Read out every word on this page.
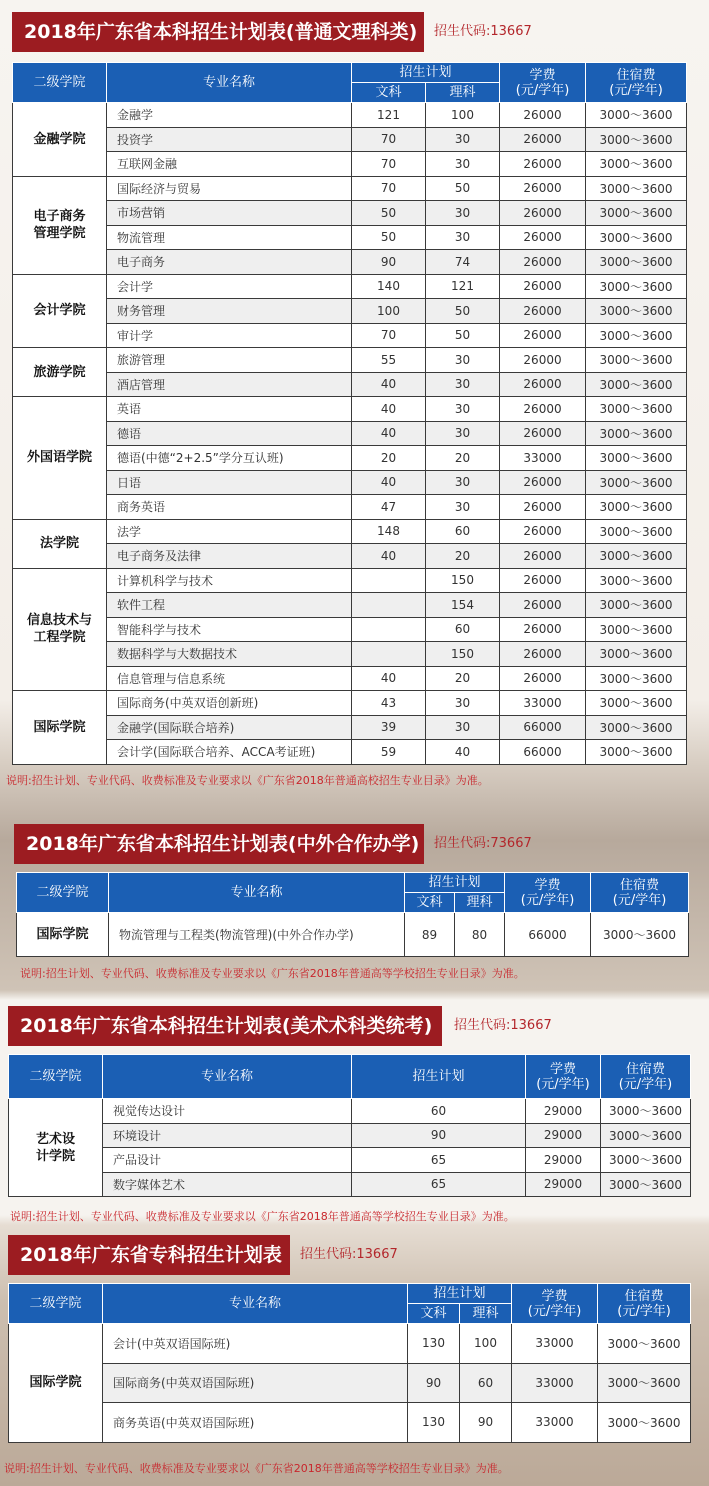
2018年广东省本科招生计划表(普通文理科类)	招生代码:13667
二级学院	专业名称	招生计划		学费
(元/学年)	住宿费
(元/学年)
		文科	理科		
金融学院	金融学	121	100	26000	3000～3600
	投资学	70	30	26000	3000～3600
	互联网金融	70	30	26000	3000～3600
电子商务
管理学院	国际经济与贸易	70	50	26000	3000～3600
	市场营销	50	30	26000	3000～3600
	物流管理	50	30	26000	3000～3600
	电子商务	90	74	26000	3000～3600
会计学院	会计学	140	121	26000	3000～3600
	财务管理	100	50	26000	3000～3600
	审计学	70	50	26000	3000～3600
旅游学院	旅游管理	55	30	26000	3000～3600
	酒店管理	40	30	26000	3000～3600
外国语学院	英语	40	30	26000	3000～3600
	德语	40	30	26000	3000～3600
	德语(中德“2+2.5”学分互认班)	20	20	33000	3000～3600
	日语	40	30	26000	3000～3600
	商务英语	47	30	26000	3000～3600
法学院	法学	148	60	26000	3000～3600
	电子商务及法律	40	20	26000	3000～3600
信息技术与
工程学院	计算机科学与技术		150	26000	3000～3600
	软件工程		154	26000	3000～3600
	智能科学与技术		60	26000	3000～3600
	数据科学与大数据技术		150	26000	3000～3600
	信息管理与信息系统	40	20	26000	3000～3600
国际学院	国际商务(中英双语创新班)	43	30	33000	3000～3600
	金融学(国际联合培养)	39	30	66000	3000～3600
	会计学(国际联合培养、ACCA考证班)	59	40	66000	3000～3600
说明:招生计划、专业代码、收费标准及专业要求以《广东省2018年普通高校招生专业目录》为准。
2018年广东省本科招生计划表(中外合作办学)	招生代码:73667
二级学院	专业名称	招生计划		学费
(元/学年)	住宿费
(元/学年)
		文科	理科		
国际学院	物流管理与工程类(物流管理)(中外合作办学)	89	80	66000	3000～3600
说明:招生计划、专业代码、收费标准及专业要求以《广东省2018年普通高等学校招生专业目录》为准。
2018年广东省本科招生计划表(美术术科类统考)	招生代码:13667
二级学院	专业名称	招生计划	学费
(元/学年)	住宿费
(元/学年)
艺术设
计学院	视觉传达设计	60	29000	3000～3600
	环境设计	90	29000	3000～3600
	产品设计	65	29000	3000～3600
	数字媒体艺术	65	29000	3000～3600
说明:招生计划、专业代码、收费标准及专业要求以《广东省2018年普通高等学校招生专业目录》为准。
2018年广东省专科招生计划表	招生代码:13667
二级学院	专业名称	招生计划		学费
(元/学年)	住宿费
(元/学年)
		文科	理科		
国际学院	会计(中英双语国际班)	130	100	33000	3000～3600
	国际商务(中英双语国际班)	90	60	33000	3000～3600
	商务英语(中英双语国际班)	130	90	33000	3000～3600
说明:招生计划、专业代码、收费标准及专业要求以《广东省2018年普通高等学校招生专业目录》为准。
